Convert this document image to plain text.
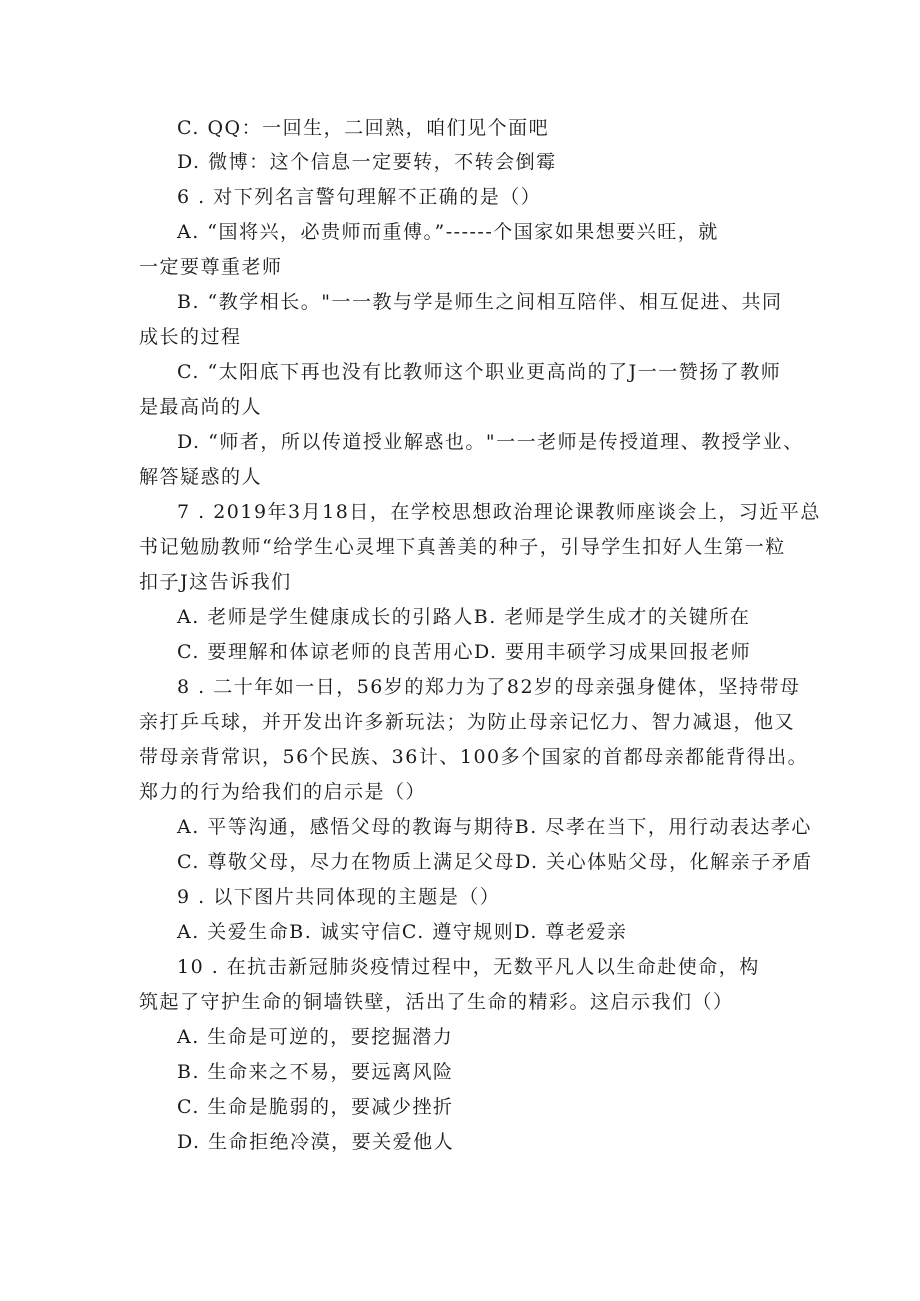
C. QQ：一回生，二回熟，咱们见个面吧
D. 微博：这个信息一定要转，不转会倒霉
6 . 对下列名言警句理解不正确的是（）
A. “国将兴，必贵师而重傅。”------个国家如果想要兴旺，就
一定要尊重老师
B. “教学相长。"一一教与学是师生之间相互陪伴、相互促进、共同
成长的过程
C. “太阳底下再也没有比教师这个职业更高尚的了J一一赞扬了教师
是最高尚的人
D. “师者，所以传道授业解惑也。"一一老师是传授道理、教授学业、
解答疑惑的人
7 . 2019年3月18日，在学校思想政治理论课教师座谈会上，习近平总
书记勉励教师“给学生心灵埋下真善美的种子，引导学生扣好人生第一粒
扣子J这告诉我们
A. 老师是学生健康成长的引路人B. 老师是学生成才的关键所在
C. 要理解和体谅老师的良苦用心D. 要用丰硕学习成果回报老师
8 . 二十年如一日，56岁的郑力为了82岁的母亲强身健体，坚持带母
亲打乒乓球，并开发出许多新玩法；为防止母亲记忆力、智力减退，他又
带母亲背常识，56个民族、36计、100多个国家的首都母亲都能背得出。
郑力的行为给我们的启示是（）
A. 平等沟通，感悟父母的教诲与期待B. 尽孝在当下，用行动表达孝心
C. 尊敬父母，尽力在物质上满足父母D. 关心体贴父母，化解亲子矛盾
9 . 以下图片共同体现的主题是（）
A. 关爱生命B. 诚实守信C. 遵守规则D. 尊老爱亲
10 . 在抗击新冠肺炎疫情过程中，无数平凡人以生命赴使命，构
筑起了守护生命的铜墙铁壁，活出了生命的精彩。这启示我们（）
A. 生命是可逆的，要挖掘潜力
B. 生命来之不易，要远离风险
C. 生命是脆弱的，要减少挫折
D. 生命拒绝冷漠，要关爱他人
